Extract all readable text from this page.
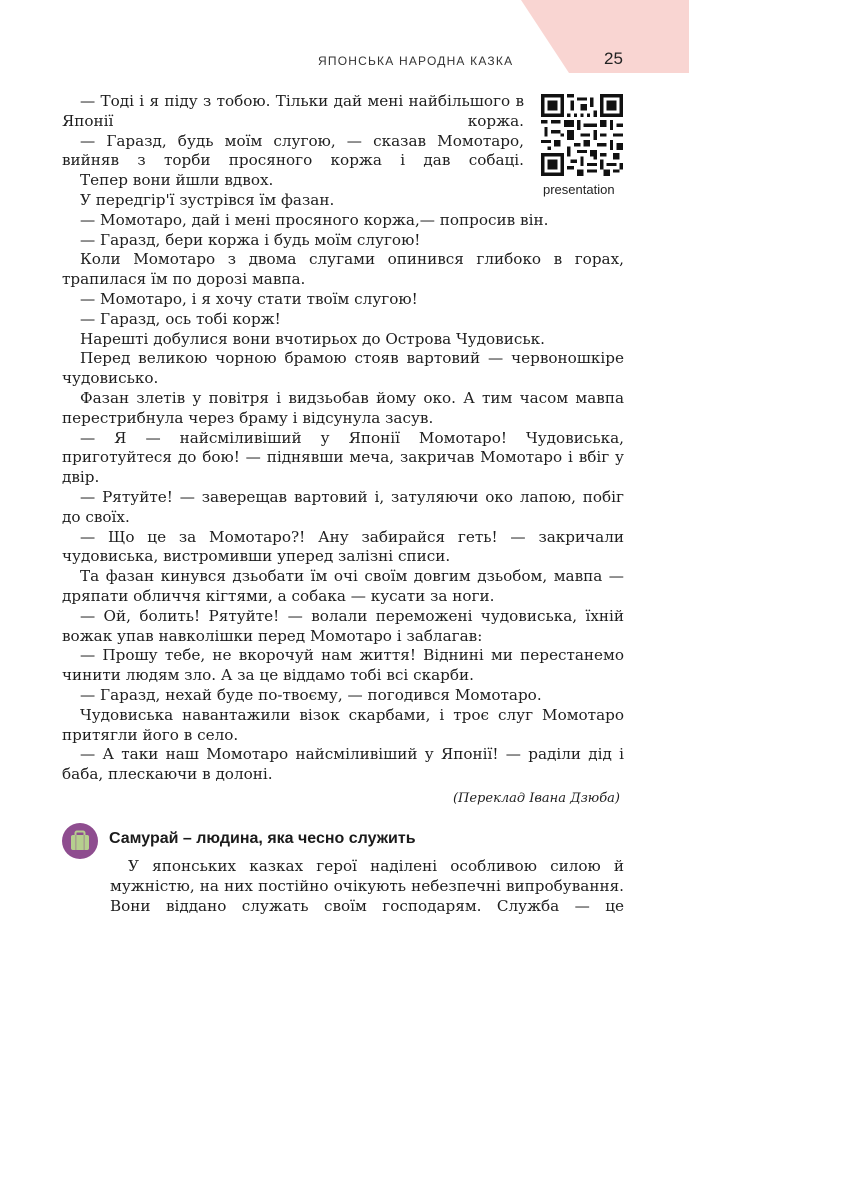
ЯПОНСЬКА НАРОДНА КАЗКА	25
presentation

— Тоді і я піду з тобою. Тільки дай мені найбільшого в Японії коржа.

— Гаразд, будь моїм слугою, — сказав Момотаро, вийняв з торби просяного коржа і дав собаці.

Тепер вони йшли вдвох.

У передгір'ї зустрівся їм фазан.

— Момотаро, дай і мені просяного коржа,— попросив він.

— Гаразд, бери коржа і будь моїм слугою!

Коли Момотаро з двома слугами опинився глибоко в горах, трапилася їм по дорозі мавпа.

— Момотаро, і я хочу стати твоїм слугою!

— Гаразд, ось тобі корж!

Нарешті добулися вони вчотирьох до Острова Чудовиськ.

Перед великою чорною брамою стояв вартовий — червоношкіре чудовисько.

Фазан злетів у повітря і видзьобав йому око. А тим часом мавпа перестрибнула через браму і відсунула засув.

— Я — найсміливіший у Японії Момотаро! Чудовиська, приготуйтеся до бою! — піднявши меча, закричав Момотаро і вбіг у двір.

— Рятуйте! — заверещав вартовий і, затуляючи око лапою, побіг до своїх.

— Що це за Момотаро?! Ану забирайся геть! — закричали чудовиська, вистромивши уперед залізні списи.

Та фазан кинувся дзьобати їм очі своїм довгим дзьобом, мавпа — дряпати обличчя кігтями, а собака — кусати за ноги.

— Ой, болить! Рятуйте! — волали переможені чудовиська, їхній вожак упав навколішки перед Момотаро і заблагав:

— Прошу тебе, не вкорочуй нам життя! Віднині ми перестанемо чинити людям зло. А за це віддамо тобі всі скарби.

— Гаразд, нехай буде по-твоєму, — погодився Момотаро.

Чудовиська навантажили візок скарбами, і троє слуг Момотаро притягли його в село.

— А таки наш Момотаро найсміливіший у Японії! — раділи дід і баба, плескаючи в долоні.

(Переклад Івана Дзюба)
Самурай – людина, яка чесно служить

У японських казках герої наділені особливою силою й мужністю, на них постійно очікують небезпечні випробування. Вони віддано служать своїм господарям. Служба — це
